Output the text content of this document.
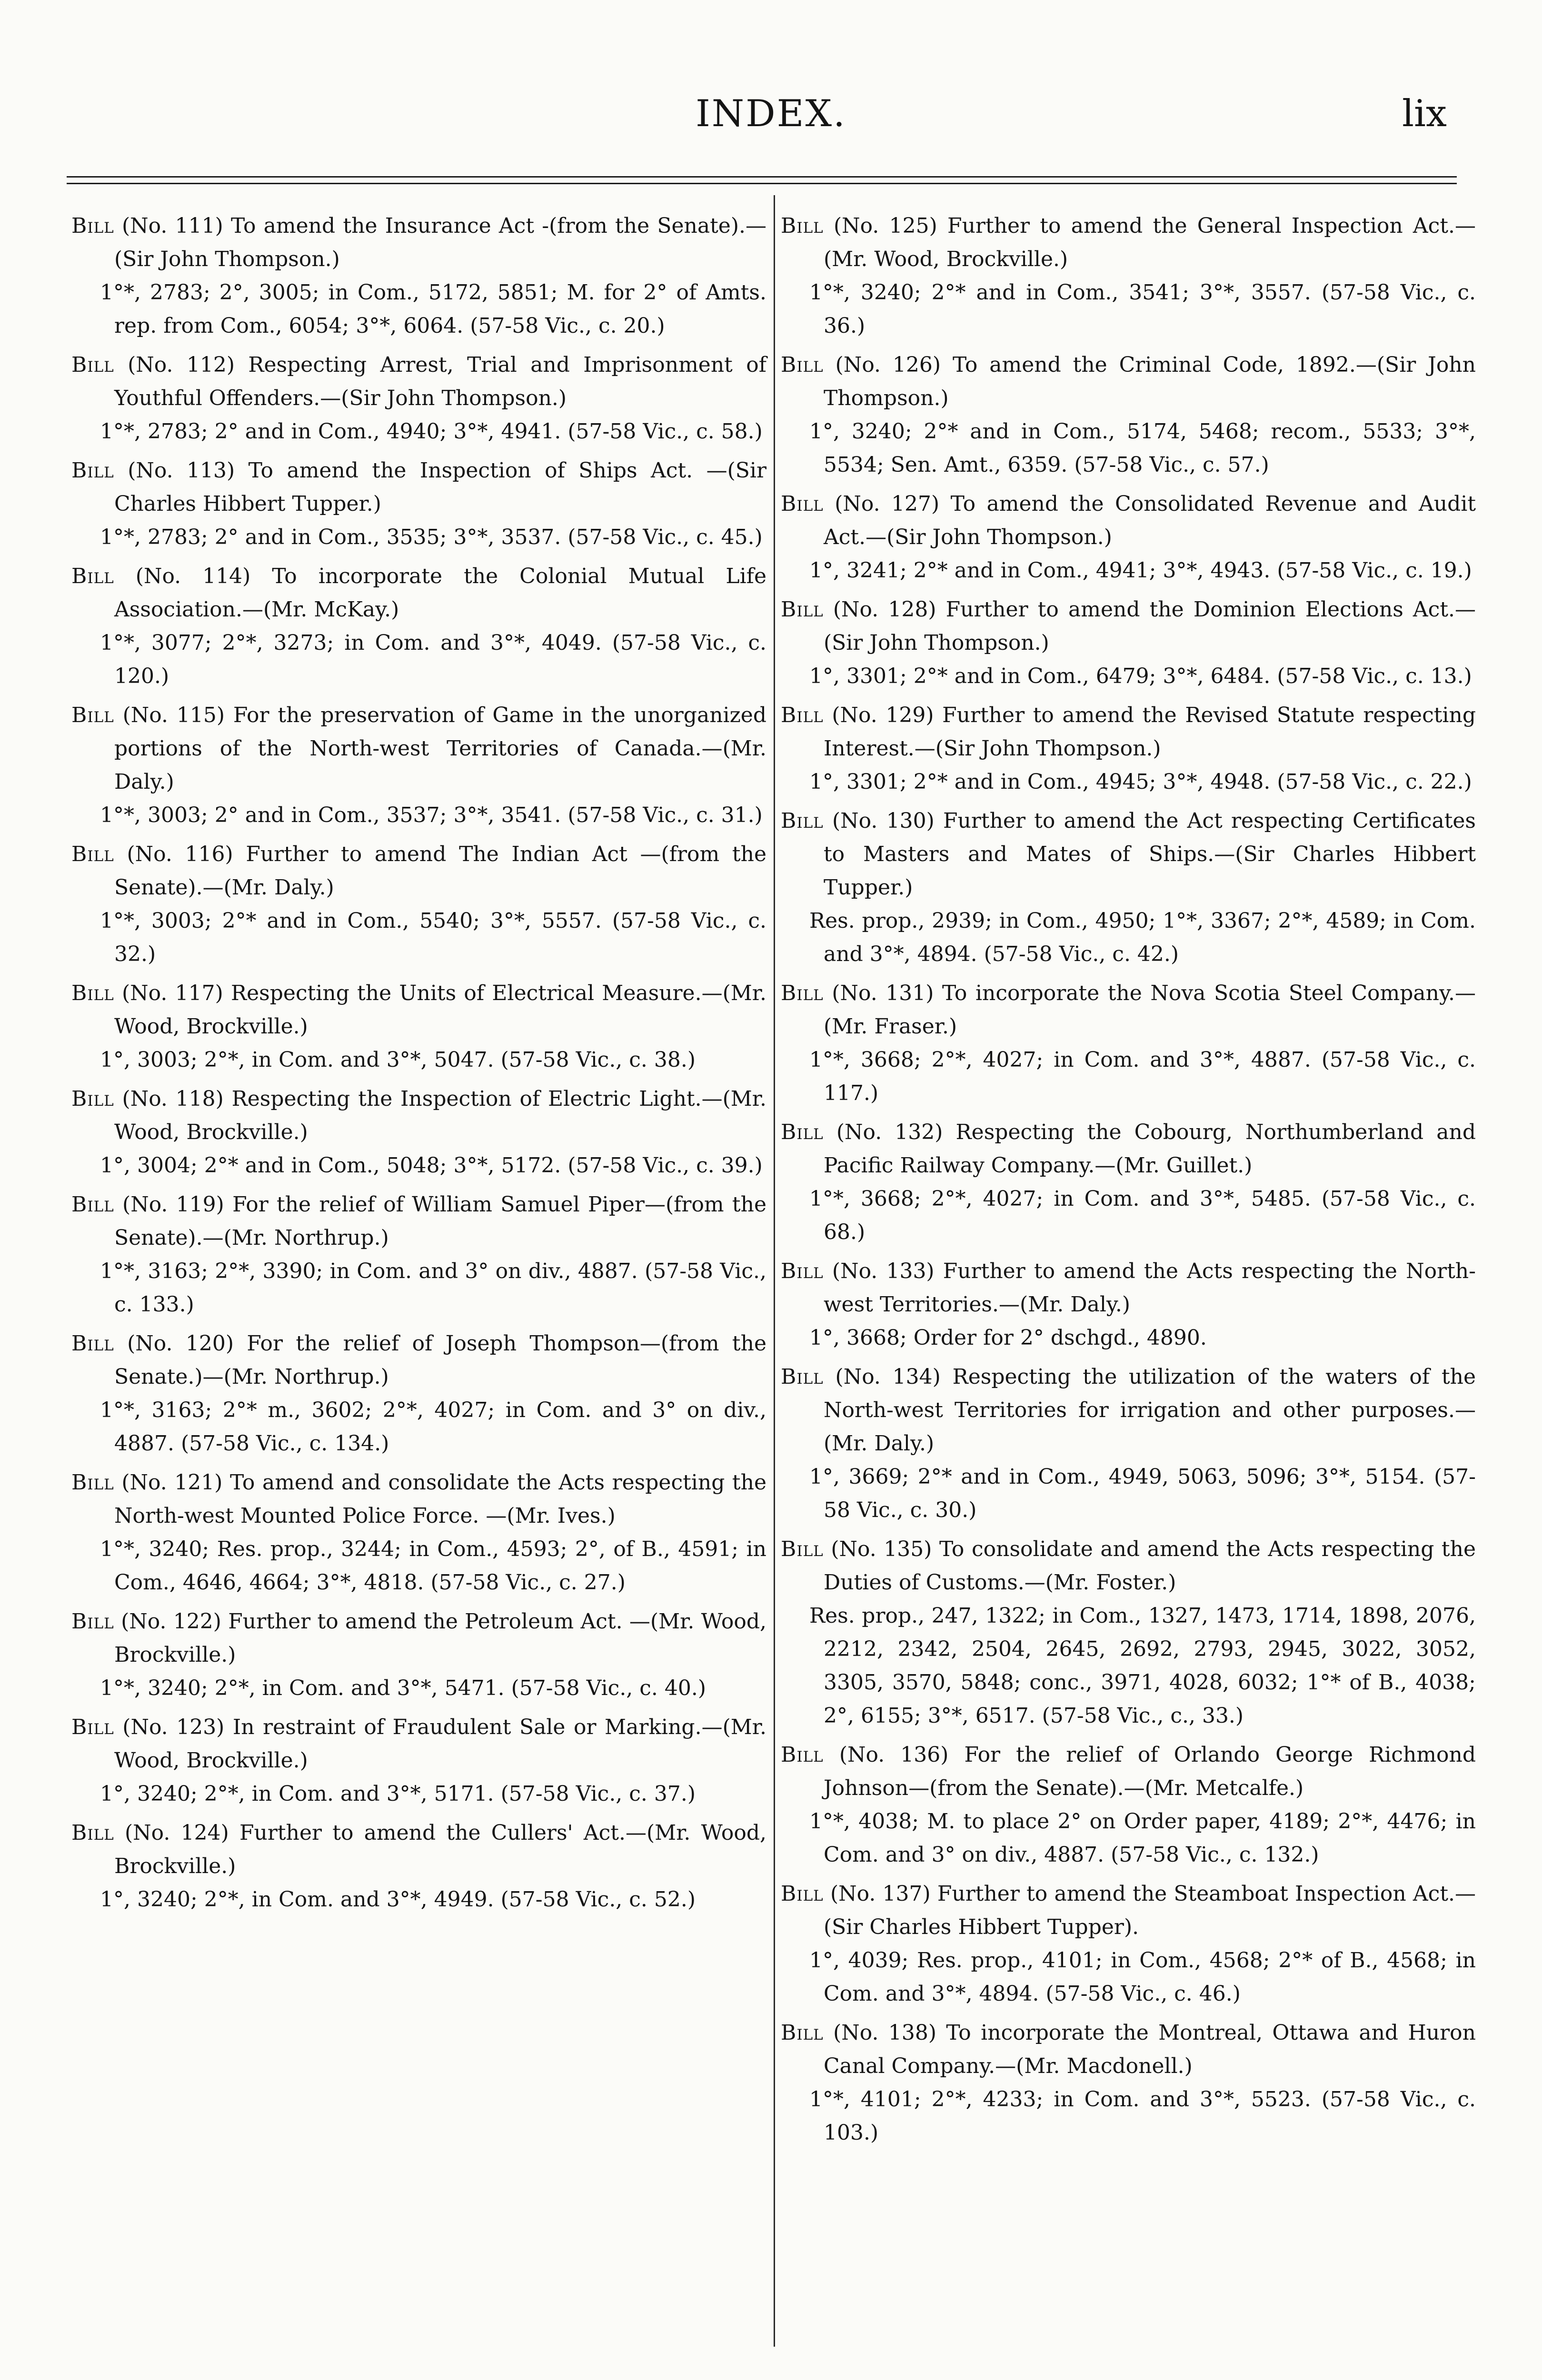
INDEX.	lix
Bill (No. 111) To amend the Insurance Act -(from the Senate).—(Sir John Thompson.)
1°*, 2783; 2°, 3005; in Com., 5172, 5851; M. for 2° of Amts. rep. from Com., 6054; 3°*, 6064. (57-58 Vic., c. 20.)
Bill (No. 112) Respecting Arrest, Trial and Imprisonment of Youthful Offenders.—(Sir John Thompson.)
1°*, 2783; 2° and in Com., 4940; 3°*, 4941. (57-58 Vic., c. 58.)
Bill (No. 113) To amend the Inspection of Ships Act. —(Sir Charles Hibbert Tupper.)
1°*, 2783; 2° and in Com., 3535; 3°*, 3537. (57-58 Vic., c. 45.)
Bill (No. 114) To incorporate the Colonial Mutual Life Association.—(Mr. McKay.)
1°*, 3077; 2°*, 3273; in Com. and 3°*, 4049. (57-58 Vic., c. 120.)
Bill (No. 115) For the preservation of Game in the unorganized portions of the North-west Territories of Canada.—(Mr. Daly.)
1°*, 3003; 2° and in Com., 3537; 3°*, 3541. (57-58 Vic., c. 31.)
Bill (No. 116) Further to amend The Indian Act —(from the Senate).—(Mr. Daly.)
1°*, 3003; 2°* and in Com., 5540; 3°*, 5557. (57-58 Vic., c. 32.)
Bill (No. 117) Respecting the Units of Electrical Measure.—(Mr. Wood, Brockville.)
1°, 3003; 2°*, in Com. and 3°*, 5047. (57-58 Vic., c. 38.)
Bill (No. 118) Respecting the Inspection of Electric Light.—(Mr. Wood, Brockville.)
1°, 3004; 2°* and in Com., 5048; 3°*, 5172. (57-58 Vic., c. 39.)
Bill (No. 119) For the relief of William Samuel Piper—(from the Senate).—(Mr. Northrup.)
1°*, 3163; 2°*, 3390; in Com. and 3° on div., 4887. (57-58 Vic., c. 133.)
Bill (No. 120) For the relief of Joseph Thompson—(from the Senate.)—(Mr. Northrup.)
1°*, 3163; 2°* m., 3602; 2°*, 4027; in Com. and 3° on div., 4887. (57-58 Vic., c. 134.)
Bill (No. 121) To amend and consolidate the Acts respecting the North-west Mounted Police Force. —(Mr. Ives.)
1°*, 3240; Res. prop., 3244; in Com., 4593; 2°, of B., 4591; in Com., 4646, 4664; 3°*, 4818. (57-58 Vic., c. 27.)
Bill (No. 122) Further to amend the Petroleum Act. —(Mr. Wood, Brockville.)
1°*, 3240; 2°*, in Com. and 3°*, 5471. (57-58 Vic., c. 40.)
Bill (No. 123) In restraint of Fraudulent Sale or Marking.—(Mr. Wood, Brockville.)
1°, 3240; 2°*, in Com. and 3°*, 5171. (57-58 Vic., c. 37.)
Bill (No. 124) Further to amend the Cullers' Act.—(Mr. Wood, Brockville.)
1°, 3240; 2°*, in Com. and 3°*, 4949. (57-58 Vic., c. 52.)
Bill (No. 125) Further to amend the General Inspection Act.—(Mr. Wood, Brockville.)
1°*, 3240; 2°* and in Com., 3541; 3°*, 3557. (57-58 Vic., c. 36.)
Bill (No. 126) To amend the Criminal Code, 1892.—(Sir John Thompson.)
1°, 3240; 2°* and in Com., 5174, 5468; recom., 5533; 3°*, 5534; Sen. Amt., 6359. (57-58 Vic., c. 57.)
Bill (No. 127) To amend the Consolidated Revenue and Audit Act.—(Sir John Thompson.)
1°, 3241; 2°* and in Com., 4941; 3°*, 4943. (57-58 Vic., c. 19.)
Bill (No. 128) Further to amend the Dominion Elections Act.—(Sir John Thompson.)
1°, 3301; 2°* and in Com., 6479; 3°*, 6484. (57-58 Vic., c. 13.)
Bill (No. 129) Further to amend the Revised Statute respecting Interest.—(Sir John Thompson.)
1°, 3301; 2°* and in Com., 4945; 3°*, 4948. (57-58 Vic., c. 22.)
Bill (No. 130) Further to amend the Act respecting Certificates to Masters and Mates of Ships.—(Sir Charles Hibbert Tupper.)
Res. prop., 2939; in Com., 4950; 1°*, 3367; 2°*, 4589; in Com. and 3°*, 4894. (57-58 Vic., c. 42.)
Bill (No. 131) To incorporate the Nova Scotia Steel Company.—(Mr. Fraser.)
1°*, 3668; 2°*, 4027; in Com. and 3°*, 4887. (57-58 Vic., c. 117.)
Bill (No. 132) Respecting the Cobourg, Northumberland and Pacific Railway Company.—(Mr. Guillet.)
1°*, 3668; 2°*, 4027; in Com. and 3°*, 5485. (57-58 Vic., c. 68.)
Bill (No. 133) Further to amend the Acts respecting the North-west Territories.—(Mr. Daly.)
1°, 3668; Order for 2° dschgd., 4890.
Bill (No. 134) Respecting the utilization of the waters of the North-west Territories for irrigation and other purposes.—(Mr. Daly.)
1°, 3669; 2°* and in Com., 4949, 5063, 5096; 3°*, 5154. (57-58 Vic., c. 30.)
Bill (No. 135) To consolidate and amend the Acts respecting the Duties of Customs.—(Mr. Foster.)
Res. prop., 247, 1322; in Com., 1327, 1473, 1714, 1898, 2076, 2212, 2342, 2504, 2645, 2692, 2793, 2945, 3022, 3052, 3305, 3570, 5848; conc., 3971, 4028, 6032; 1°* of B., 4038; 2°, 6155; 3°*, 6517. (57-58 Vic., c., 33.)
Bill (No. 136) For the relief of Orlando George Richmond Johnson—(from the Senate).—(Mr. Metcalfe.)
1°*, 4038; M. to place 2° on Order paper, 4189; 2°*, 4476; in Com. and 3° on div., 4887. (57-58 Vic., c. 132.)
Bill (No. 137) Further to amend the Steamboat Inspection Act.—(Sir Charles Hibbert Tupper).
1°, 4039; Res. prop., 4101; in Com., 4568; 2°* of B., 4568; in Com. and 3°*, 4894. (57-58 Vic., c. 46.)
Bill (No. 138) To incorporate the Montreal, Ottawa and Huron Canal Company.—(Mr. Macdonell.)
1°*, 4101; 2°*, 4233; in Com. and 3°*, 5523. (57-58 Vic., c. 103.)
